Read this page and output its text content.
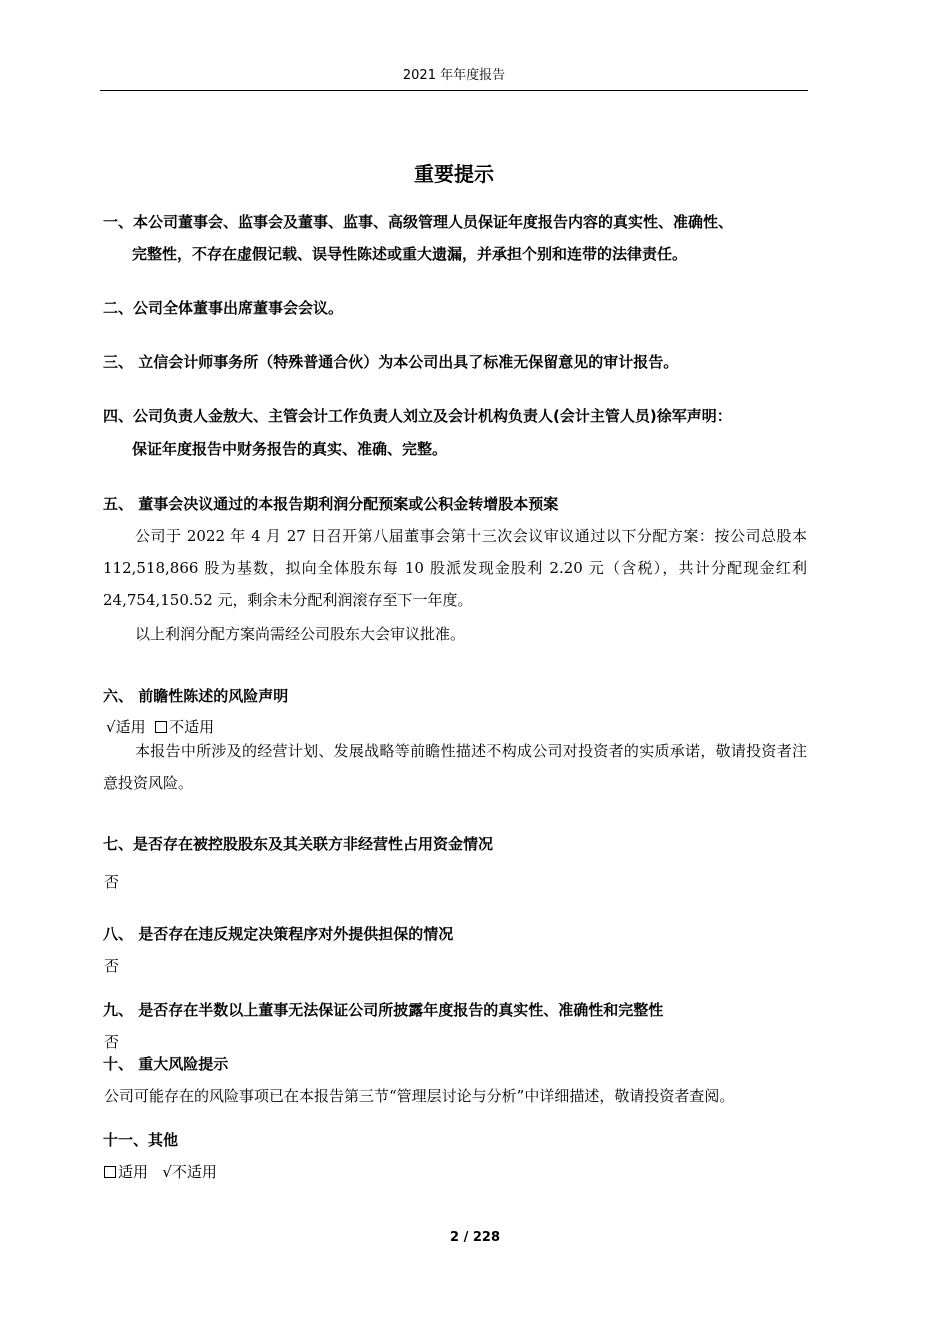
2021 年年度报告
重要提示
一、本公司董事会、监事会及董事、监事、高级管理人员保证年度报告内容的真实性、准确性、
完整性，不存在虚假记载、误导性陈述或重大遗漏，并承担个别和连带的法律责任。
二、公司全体董事出席董事会会议。
三、 立信会计师事务所（特殊普通合伙）为本公司出具了标准无保留意见的审计报告。
四、公司负责人金敖大、主管会计工作负责人刘立及会计机构负责人(会计主管人员)徐军声明：
保证年度报告中财务报告的真实、准确、完整。
五、 董事会决议通过的本报告期利润分配预案或公积金转增股本预案
公司于 2022 年 4 月 27 日召开第八届董事会第十三次会议审议通过以下分配方案：按公司总股本 112,518,866 股为基数，拟向全体股东每 10 股派发现金股利 2.20 元（含税），共计分配现金红利 24,754,150.52 元，剩余未分配利润滚存至下一年度。
以上利润分配方案尚需经公司股东大会审议批准。
六、 前瞻性陈述的风险声明
√适用 不适用
本报告中所涉及的经营计划、发展战略等前瞻性描述不构成公司对投资者的实质承诺，敬请投资者注意投资风险。
七、是否存在被控股股东及其关联方非经营性占用资金情况
否
八、 是否存在违反规定决策程序对外提供担保的情况
否
九、 是否存在半数以上董事无法保证公司所披露年度报告的真实性、准确性和完整性
否
十、 重大风险提示
公司可能存在的风险事项已在本报告第三节“管理层讨论与分析”中详细描述，敬请投资者查阅。
十一、其他
适用 √不适用
2 / 228
